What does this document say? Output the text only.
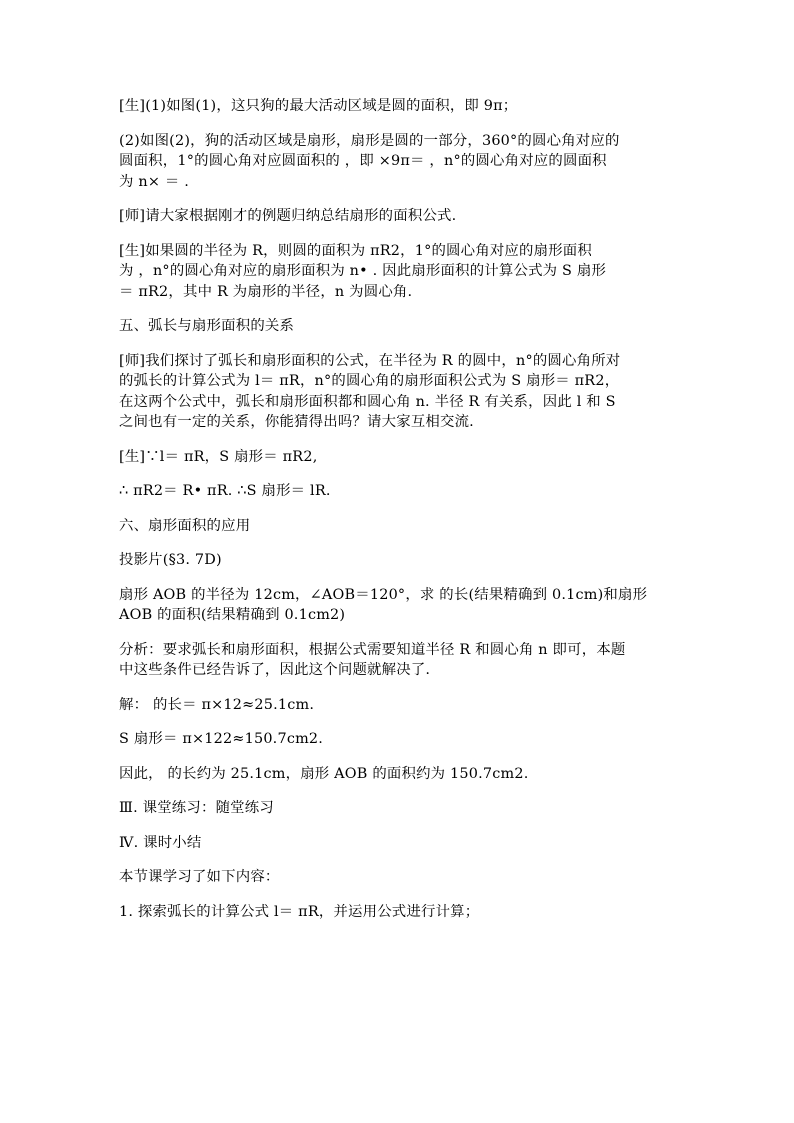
[生](1)如图(1)，这只狗的最大活动区域是圆的面积，即 9π；

(2)如图(2)，狗的活动区域是扇形，扇形是圆的一部分，360°的圆心角对应的
圆面积，1°的圆心角对应圆面积的 ，即 ×9π＝ ，n°的圆心角对应的圆面积
为 n× ＝ .

[师]请大家根据刚才的例题归纳总结扇形的面积公式.

[生]如果圆的半径为 R，则圆的面积为 πR2，1°的圆心角对应的扇形面积
为 ，n°的圆心角对应的扇形面积为 n• . 因此扇形面积的计算公式为 S 扇形
＝ πR2，其中 R 为扇形的半径，n 为圆心角.

五、弧长与扇形面积的关系

[师]我们探讨了弧长和扇形面积的公式，在半径为 R 的圆中，n°的圆心角所对
的弧长的计算公式为 l＝ πR，n°的圆心角的扇形面积公式为 S 扇形＝ πR2，
在这两个公式中，弧长和扇形面积都和圆心角 n. 半径 R 有关系，因此 l 和 S
之间也有一定的关系，你能猜得出吗？请大家互相交流.

[生]∵l＝ πR，S 扇形＝ πR2,

∴ πR2＝ R• πR. ∴S 扇形＝ lR.

六、扇形面积的应用

投影片(§3. 7D)

扇形 AOB 的半径为 12cm，∠AOB＝120°，求 的长(结果精确到 0.1cm)和扇形
AOB 的面积(结果精确到 0.1cm2)

分析：要求弧长和扇形面积，根据公式需要知道半径 R 和圆心角 n 即可，本题
中这些条件已经告诉了，因此这个问题就解决了.

解： 的长＝ π×12≈25.1cm.

S 扇形＝ π×122≈150.7cm2.

因此， 的长约为 25.1cm，扇形 AOB 的面积约为 150.7cm2.

Ⅲ. 课堂练习：随堂练习

Ⅳ. 课时小结

本节课学习了如下内容：

1. 探索弧长的计算公式 l＝ πR，并运用公式进行计算；
